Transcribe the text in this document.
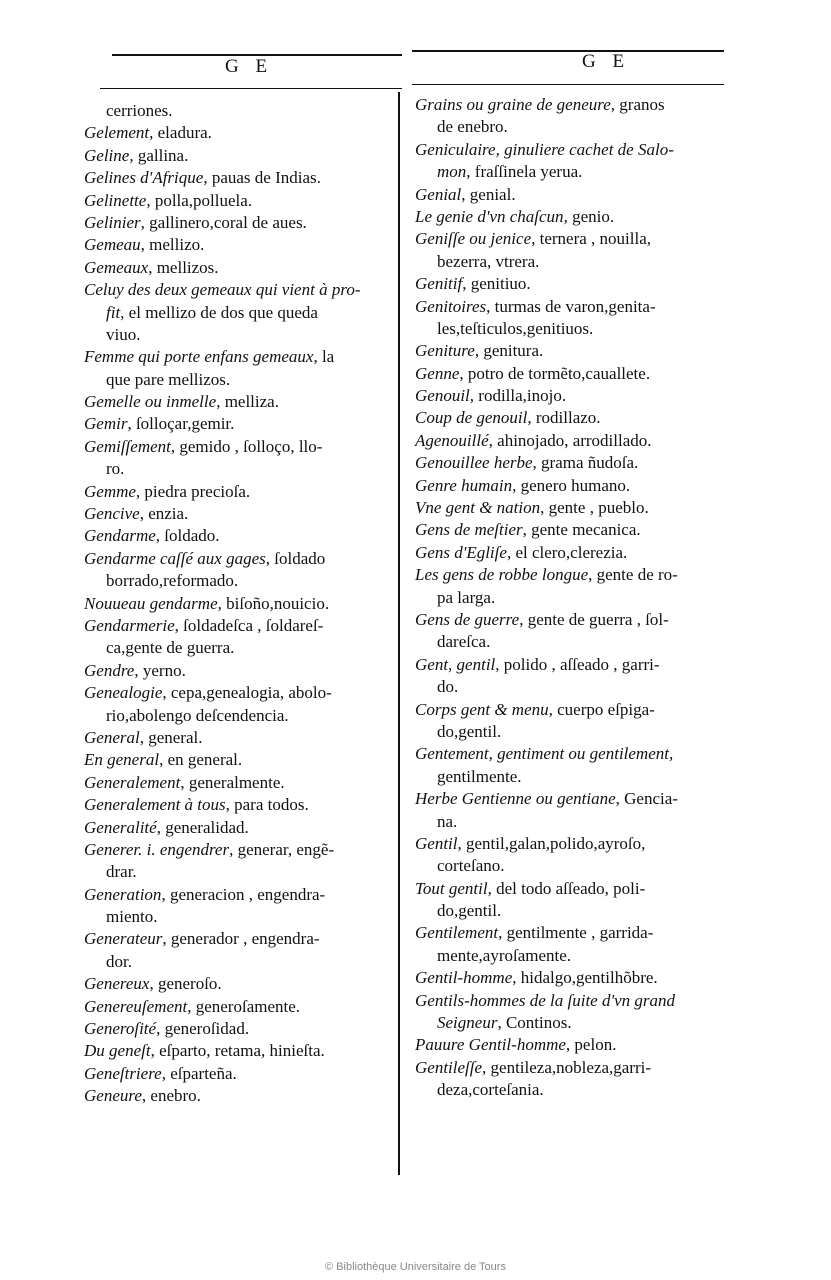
G E	G E
cerriones.
Gelement, eladura.
Geline, gallina.
Gelines d'Afrique, pauas de Indias.
Gelinette, polla,polluela.
Gelinier, gallinero,coral de aues.
Gemeau, mellizo.
Gemeaux, mellizos.
Celuy des deux gemeaux qui vient à pro-
fit, el mellizo de dos que queda
viuo.
Femme qui porte enfans gemeaux, la
que pare mellizos.
Gemelle ou inmelle, melliza.
Gemir, ſolloçar,gemir.
Gemiſſement, gemido , ſolloço, llo-
ro.
Gemme, piedra precioſa.
Gencive, enzia.
Gendarme, ſoldado.
Gendarme caſſé aux gages, ſoldado
borrado,reformado.
Nouueau gendarme, biſoño,nouicio.
Gendarmerie, ſoldadeſca , ſoldareſ-
ca,gente de guerra.
Gendre, yerno.
Genealogie, cepa,genealogia, abolo-
rio,abolengo deſcendencia.
General, general.
En general, en general.
Generalement, generalmente.
Generalement à tous, para todos.
Generalité, generalidad.
Generer. i. engendrer, generar, engẽ-
drar.
Generation, generacion , engendra-
miento.
Generateur, generador , engendra-
dor.
Genereux, generoſo.
Genereuſement, generoſamente.
Generoſité, generoſidad.
Du geneſt, eſparto, retama, hinieſta.
Geneſtriere, eſparteña.
Geneure, enebro.
Grains ou graine de geneure, granos
de enebro.
Geniculaire, ginuliere cachet de Salo-
mon, fraſſinela yerua.
Genial, genial.
Le genie d'vn chaſcun, genio.
Geniſſe ou jenice, ternera , nouilla,
bezerra, vtrera.
Genitif, genitiuo.
Genitoires, turmas de varon,genita-
les,teſticulos,genitiuos.
Geniture, genitura.
Genne, potro de tormẽto,cauallete.
Genouil, rodilla,inojo.
Coup de genouil, rodillazo.
Agenouillé, ahinojado, arrodillado.
Genouillee herbe, grama ñudoſa.
Genre humain, genero humano.
Vne gent & nation, gente , pueblo.
Gens de meſtier, gente mecanica.
Gens d'Egliſe, el clero,clerezia.
Les gens de robbe longue, gente de ro-
pa larga.
Gens de guerre, gente de guerra , ſol-
dareſca.
Gent, gentil, polido , aſſeado , garri-
do.
Corps gent & menu, cuerpo eſpiga-
do,gentil.
Gentement, gentiment ou gentilement,
gentilmente.
Herbe Gentienne ou gentiane, Gencia-
na.
Gentil, gentil,galan,polido,ayroſo,
corteſano.
Tout gentil, del todo aſſeado, poli-
do,gentil.
Gentilement, gentilmente , garrida-
mente,ayroſamente.
Gentil-homme, hidalgo,gentilhõbre.
Gentils-hommes de la ſuite d'vn grand
Seigneur, Continos.
Pauure Gentil-homme, pelon.
Gentileſſe, gentileza,nobleza,garri-
deza,corteſania.
© Bibliothèque Universitaire de Tours
